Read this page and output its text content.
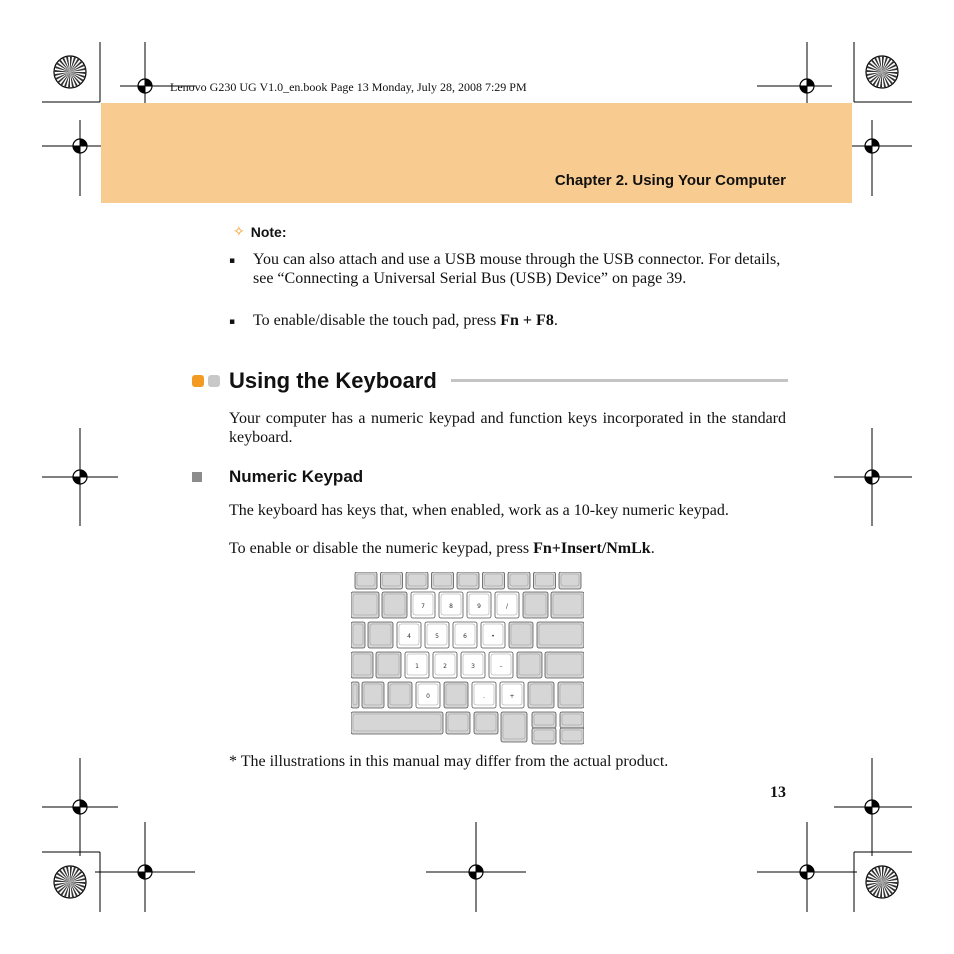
Lenovo G230 UG V1.0_en.book Page 13 Monday, July 28, 2008 7:29 PM
Chapter 2. Using Your Computer
✧ Note:
▪ You can also attach and use a USB mouse through the USB connector. For details, see “Connecting a Universal Serial Bus (USB) Device” on page 39.
▪ To enable/disable the touch pad, press Fn + F8.
Using the Keyboard
Your computer has a numeric keypad and function keys incorporated in the standard keyboard.
Numeric Keypad
The keyboard has keys that, when enabled, work as a 10-key numeric keypad.
To enable or disable the numeric keypad, press Fn+Insert/NmLk.
7	8	9	/
4	5	6	•
1	2	3	–
0	.	+
* The illustrations in this manual may differ from the actual product.
13
